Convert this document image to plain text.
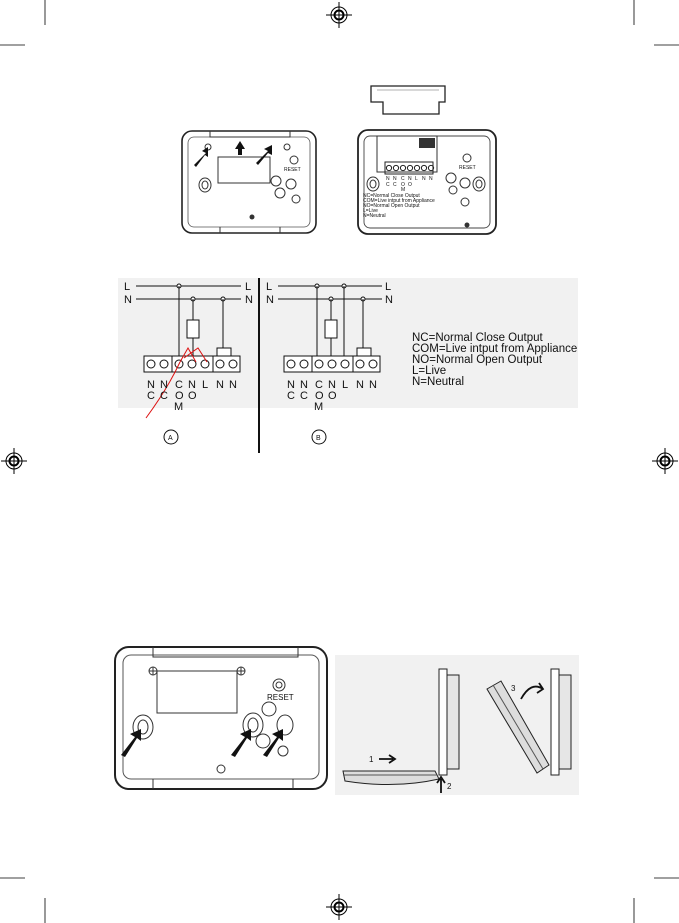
RESET
N N C N L N N
C C O O
M
RESET
NC=Normal Close Output
COM=Live intput from Appliance
NO=Normal Open Output
L=Live
N=Neutral
L
N
L
N
N N C N L N N
C C O O
M
A
L
N
L
N
N N C N L N N
C C O O
M
B
NC=Normal Close Output
COM=Live intput from Appliance
NO=Normal Open Output
L=Live
N=Neutral
RESET
1
2
3
